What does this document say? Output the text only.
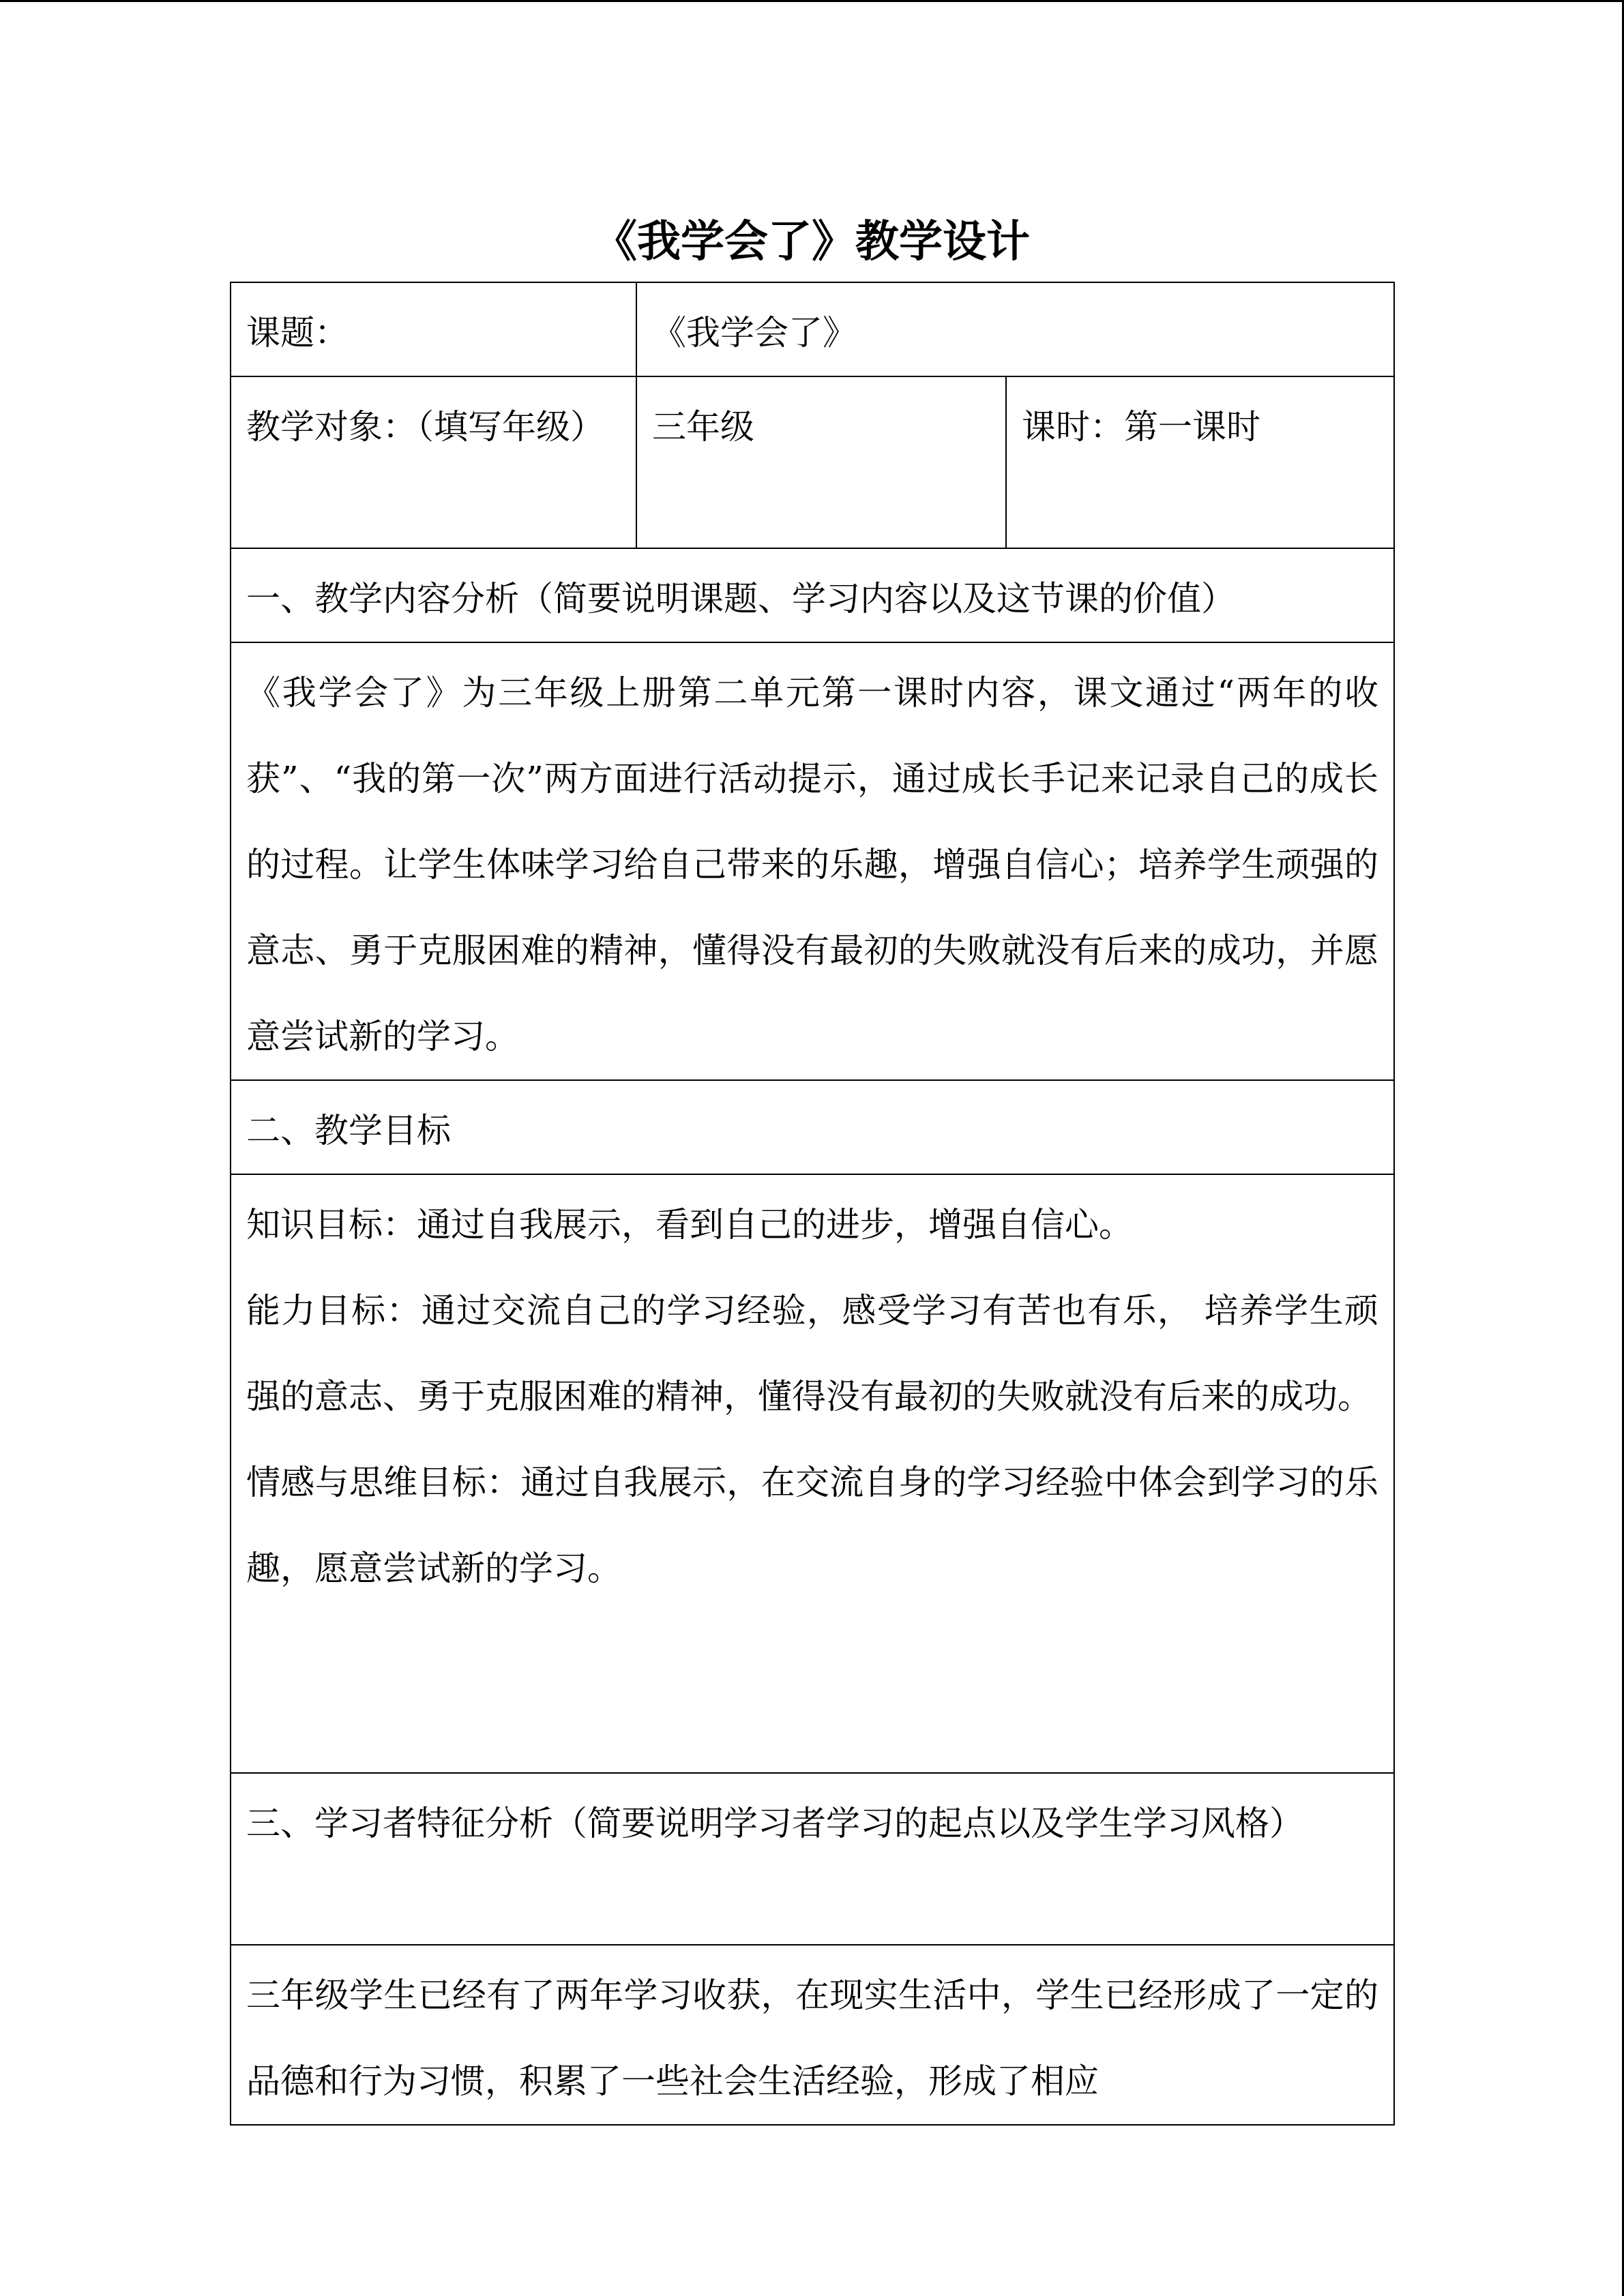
《我学会了》教学设计
课题：	《我学会了》	

教学对象：（填写年级）	三年级	课时：第一课时
一、教学内容分析（简要说明课题、学习内容以及这节课的价值）		

《我学会了》为三年级上册第二单元第一课时内容，课文通过“两年的收获”、“我的第一次”两方面进行活动提示，通过成长手记来记录自己的成长的过程。让学生体味学习给自己带来的乐趣，增强自信心；培养学生顽强的意志、勇于克服困难的精神，懂得没有最初的失败就没有后来的成功，并愿意尝试新的学习。		

二、教学目标		

知识目标：通过自我展示，看到自己的进步，增强自信心。
能力目标：通过交流自己的学习经验，感受学习有苦也有乐， 培养学生顽强的意志、勇于克服困难的精神，懂得没有最初的失败就没有后来的成功。
情感与思维目标：通过自我展示，在交流自身的学习经验中体会到学习的乐趣，愿意尝试新的学习。		

三、学习者特征分析（简要说明学习者学习的起点以及学生学习风格）		

三年级学生已经有了两年学习收获，在现实生活中，学生已经形成了一定的品德和行为习惯，积累了一些社会生活经验，形成了相应		
